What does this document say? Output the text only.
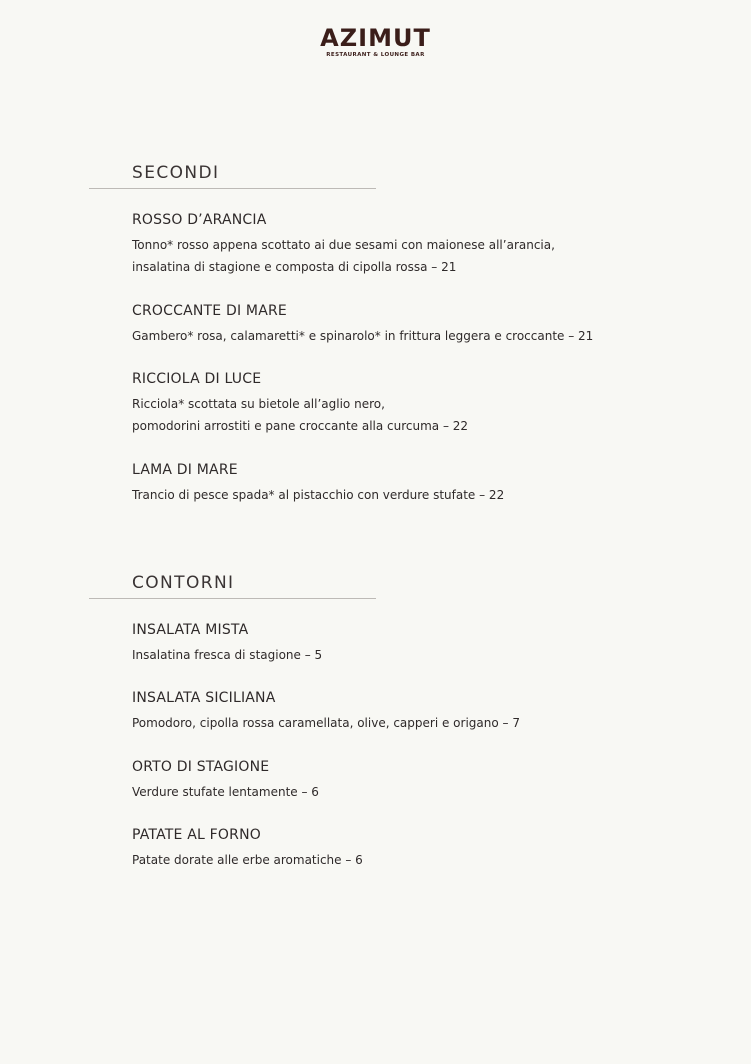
AZIMUT
RESTAURANT & LOUNGE BAR
SECONDI
ROSSO D’ARANCIA
Tonno* rosso appena scottato ai due sesami con maionese all’arancia,
insalatina di stagione e composta di cipolla rossa – 21
CROCCANTE DI MARE
Gambero* rosa, calamaretti* e spinarolo* in frittura leggera e croccante – 21
RICCIOLA DI LUCE
Ricciola* scottata su bietole all’aglio nero,
pomodorini arrostiti e pane croccante alla curcuma – 22
LAMA DI MARE
Trancio di pesce spada* al pistacchio con verdure stufate – 22
CONTORNI
INSALATA MISTA
Insalatina fresca di stagione – 5
INSALATA SICILIANA
Pomodoro, cipolla rossa caramellata, olive, capperi e origano – 7
ORTO DI STAGIONE
Verdure stufate lentamente – 6
PATATE AL FORNO
Patate dorate alle erbe aromatiche – 6
